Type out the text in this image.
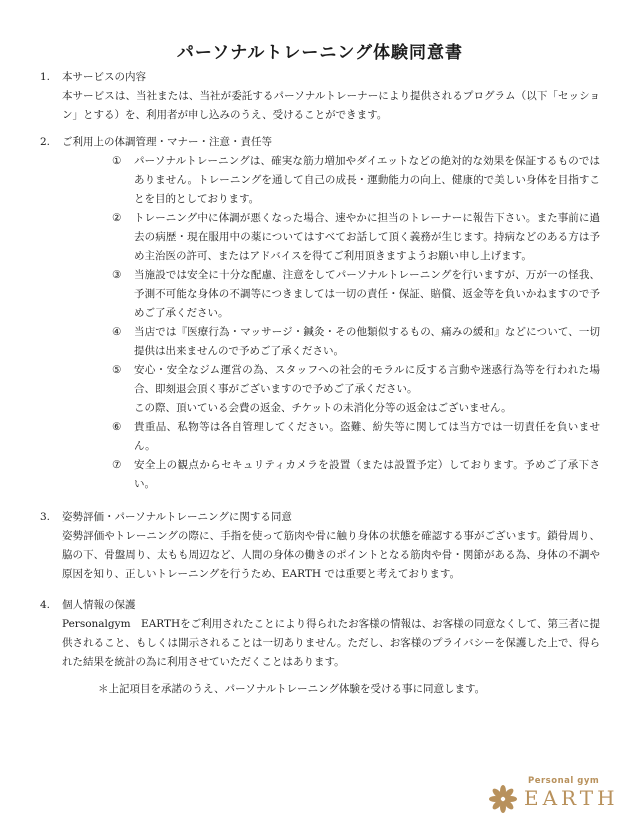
パーソナルトレーニング体験同意書
1. 本サービスの内容
本サービスは、当社または、当社が委託するパーソナルトレーナーにより提供されるプログラム（以下「セッション」とする）を、利用者が申し込みのうえ、受けることができます。
2. ご利用上の体調管理・マナー・注意・責任等
①	パーソナルトレーニングは、確実な筋力増加やダイエットなどの絶対的な効果を保証するものではありません。トレーニングを通して自己の成長・運動能力の向上、健康的で美しい身体を目指すことを目的としております。
②	トレーニング中に体調が悪くなった場合、速やかに担当のトレーナーに報告下さい。また事前に過去の病歴・現在服用中の薬についてはすべてお話して頂く義務が生じます。持病などのある方は予め主治医の許可、またはアドバイスを得てご利用頂きますようお願い申し上げます。
③	当施設では安全に十分な配慮、注意をしてパーソナルトレーニングを行いますが、万が一の怪我、予測不可能な身体の不調等につきましては一切の責任・保証、賠償、返金等を負いかねますので予めご了承ください。
④	当店では『医療行為・マッサージ・鍼灸・その他類似するもの、痛みの緩和』などについて、一切提供は出来ませんので予めご了承ください。
⑤	安心・安全なジム運営の為、スタッフへの社会的モラルに反する言動や迷惑行為等を行われた場合、即刻退会頂く事がございますので予めご了承ください。
この際、頂いている会費の返金、チケットの未消化分等の返金はございません。
⑥	貴重品、私物等は各自管理してください。盗難、紛失等に関しては当方では一切責任を負いません。
⑦	安全上の観点からセキュリティカメラを設置（または設置予定）しております。予めご了承下さい。
3. 姿勢評価・パーソナルトレーニングに関する同意
姿勢評価やトレーニングの際に、手指を使って筋肉や骨に触り身体の状態を確認する事がございます。鎖骨周り、脇の下、骨盤周り、太もも周辺など、人間の身体の働きのポイントとなる筋肉や骨・関節がある為、身体の不調や原因を知り、正しいトレーニングを行うため、EARTH では重要と考えております。
4. 個人情報の保護
Personalgym　EARTHをご利用されたことにより得られたお客様の情報は、お客様の同意なくして、第三者に提供されること、もしくは開示されることは一切ありません。ただし、お客様のプライバシーを保護した上で、得られた結果を統計の為に利用させていただくことはあります。
＊上記項目を承諾のうえ、パーソナルトレーニング体験を受ける事に同意します。
Personal gym
EARTH
